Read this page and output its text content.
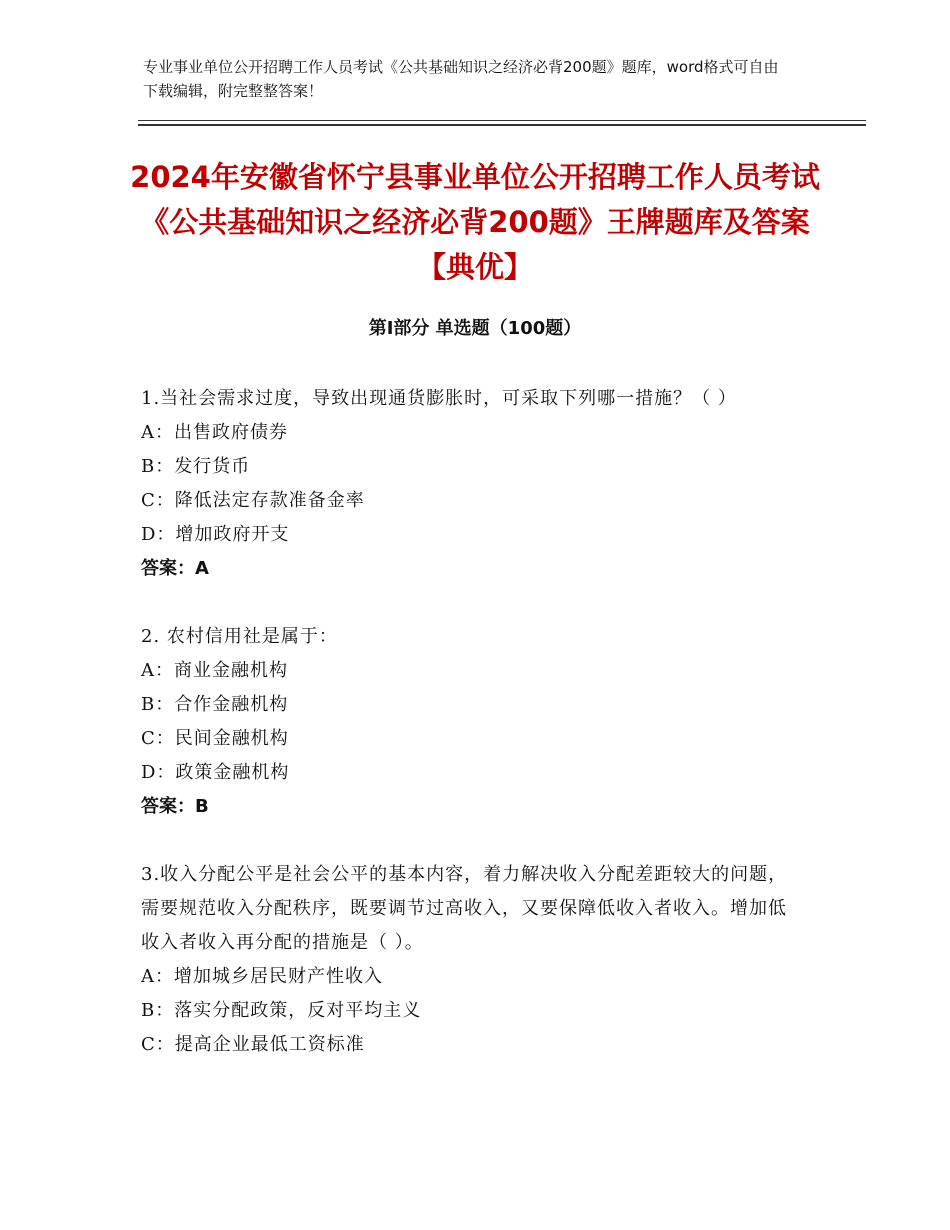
专业事业单位公开招聘工作人员考试《公共基础知识之经济必背200题》题库，word格式可自由下载编辑，附完整整答案！
2024年安徽省怀宁县事业单位公开招聘工作人员考试《公共基础知识之经济必背200题》王牌题库及答案【典优】
第Ⅰ部分 单选题（100题）
1.当社会需求过度，导致出现通货膨胀时，可采取下列哪一措施？（ ）
A：出售政府债券
B：发行货币
C：降低法定存款准备金率
D：增加政府开支
答案：A
2. 农村信用社是属于：
A：商业金融机构
B：合作金融机构
C：民间金融机构
D：政策金融机构
答案：B
3.收入分配公平是社会公平的基本内容，着力解决收入分配差距较大的问题，需要规范收入分配秩序，既要调节过高收入，又要保障低收入者收入。增加低收入者收入再分配的措施是（ ）。
A：增加城乡居民财产性收入
B：落实分配政策，反对平均主义
C：提高企业最低工资标准
